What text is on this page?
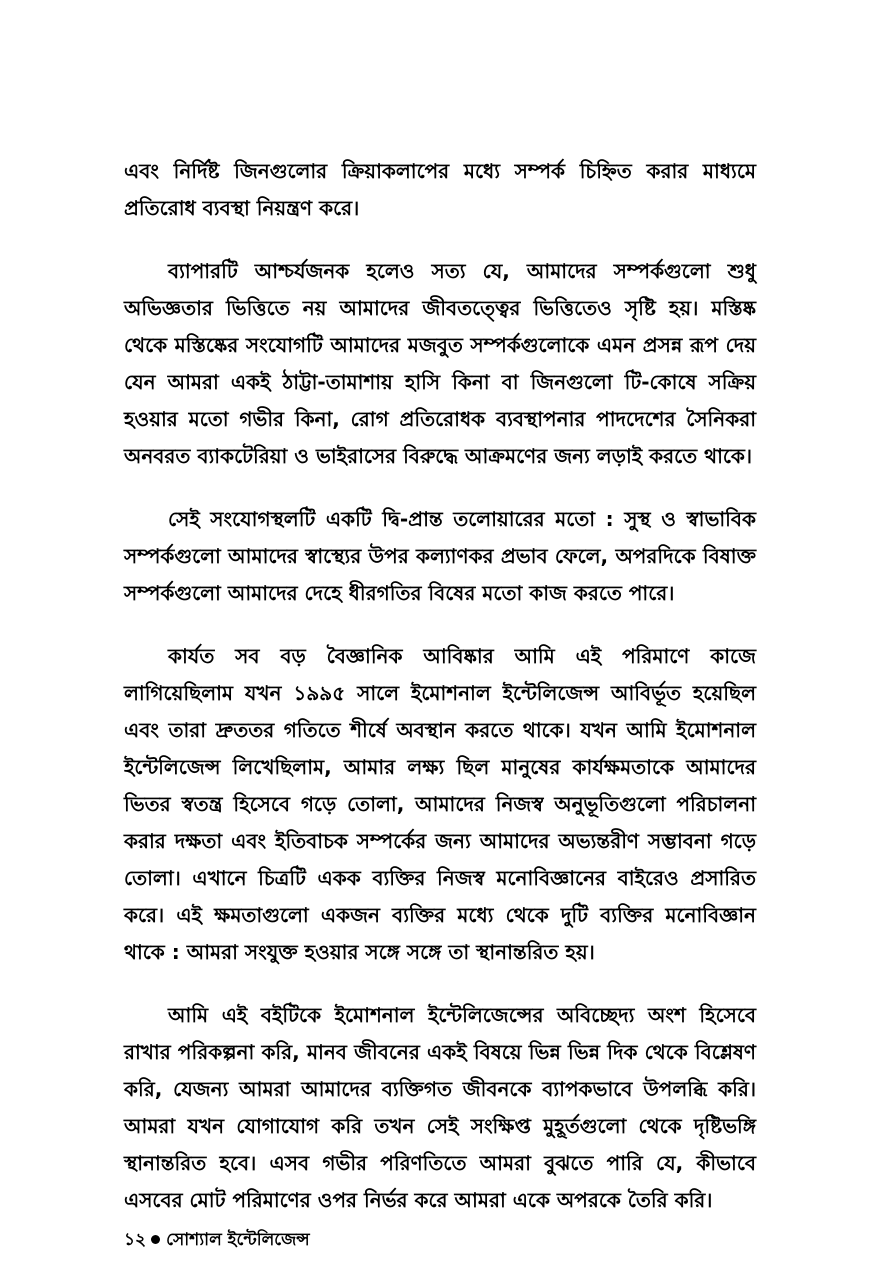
এবং নির্দিষ্ট জিনগুলোর ক্রিয়াকলাপের মধ্যে সম্পর্ক চিহ্নিত করার মাধ্যমে প্রতিরোধ ব্যবস্থা নিয়ন্ত্রণ করে।

ব্যাপারটি আশ্চর্যজনক হলেও সত্য যে, আমাদের সম্পর্কগুলো শুধু অভিজ্ঞতার ভিত্তিতে নয় আমাদের জীবতত্ত্বের ভিত্তিতেও সৃষ্টি হয়। মস্তিষ্ক থেকে মস্তিষ্কের সংযোগটি আমাদের মজবুত সম্পর্কগুলোকে এমন প্রসন্ন রূপ দেয় যেন আমরা একই ঠাট্টা-তামাশায় হাসি কিনা বা জিনগুলো টি-কোষে সক্রিয় হওয়ার মতো গভীর কিনা, রোগ প্রতিরোধক ব্যবস্থাপনার পাদদেশের সৈনিকরা অনবরত ব্যাকটেরিয়া ও ভাইরাসের বিরুদ্ধে আক্রমণের জন্য লড়াই করতে থাকে।

সেই সংযোগস্থলটি একটি দ্বি-প্রান্ত তলোয়ারের মতো : সুস্থ ও স্বাভাবিক সম্পর্কগুলো আমাদের স্বাস্থ্যের উপর কল্যাণকর প্রভাব ফেলে, অপরদিকে বিষাক্ত সম্পর্কগুলো আমাদের দেহে ধীরগতির বিষের মতো কাজ করতে পারে।

কার্যত সব বড় বৈজ্ঞানিক আবিষ্কার আমি এই পরিমাণে কাজে লাগিয়েছিলাম যখন ১৯৯৫ সালে ইমোশনাল ইন্টেলিজেন্স আবির্ভূত হয়েছিল এবং তারা দ্রুততর গতিতে শীর্ষে অবস্থান করতে থাকে। যখন আমি ইমোশনাল ইন্টেলিজেন্স লিখেছিলাম, আমার লক্ষ্য ছিল মানুষের কার্যক্ষমতাকে আমাদের ভিতর স্বতন্ত্র হিসেবে গড়ে তোলা, আমাদের নিজস্ব অনুভূতিগুলো পরিচালনা করার দক্ষতা এবং ইতিবাচক সম্পর্কের জন্য আমাদের অভ্যন্তরীণ সম্ভাবনা গড়ে তোলা। এখানে চিত্রটি একক ব্যক্তির নিজস্ব মনোবিজ্ঞানের বাইরেও প্রসারিত করে। এই ক্ষমতাগুলো একজন ব্যক্তির মধ্যে থেকে দুটি ব্যক্তির মনোবিজ্ঞান থাকে : আমরা সংযুক্ত হওয়ার সঙ্গে সঙ্গে তা স্থানান্তরিত হয়।

আমি এই বইটিকে ইমোশনাল ইন্টেলিজেন্সের অবিচ্ছেদ্য অংশ হিসেবে রাখার পরিকল্পনা করি, মানব জীবনের একই বিষয়ে ভিন্ন ভিন্ন দিক থেকে বিশ্লেষণ করি, যেজন্য আমরা আমাদের ব্যক্তিগত জীবনকে ব্যাপকভাবে উপলব্ধি করি। আমরা যখন যোগাযোগ করি তখন সেই সংক্ষিপ্ত মুহূর্তগুলো থেকে দৃষ্টিভঙ্গি স্থানান্তরিত হবে। এসব গভীর পরিণতিতে আমরা বুঝতে পারি যে, কীভাবে এসবের মোট পরিমাণের ওপর নির্ভর করে আমরা একে অপরকে তৈরি করি।

১২ সোশ্যাল ইন্টেলিজেন্স
